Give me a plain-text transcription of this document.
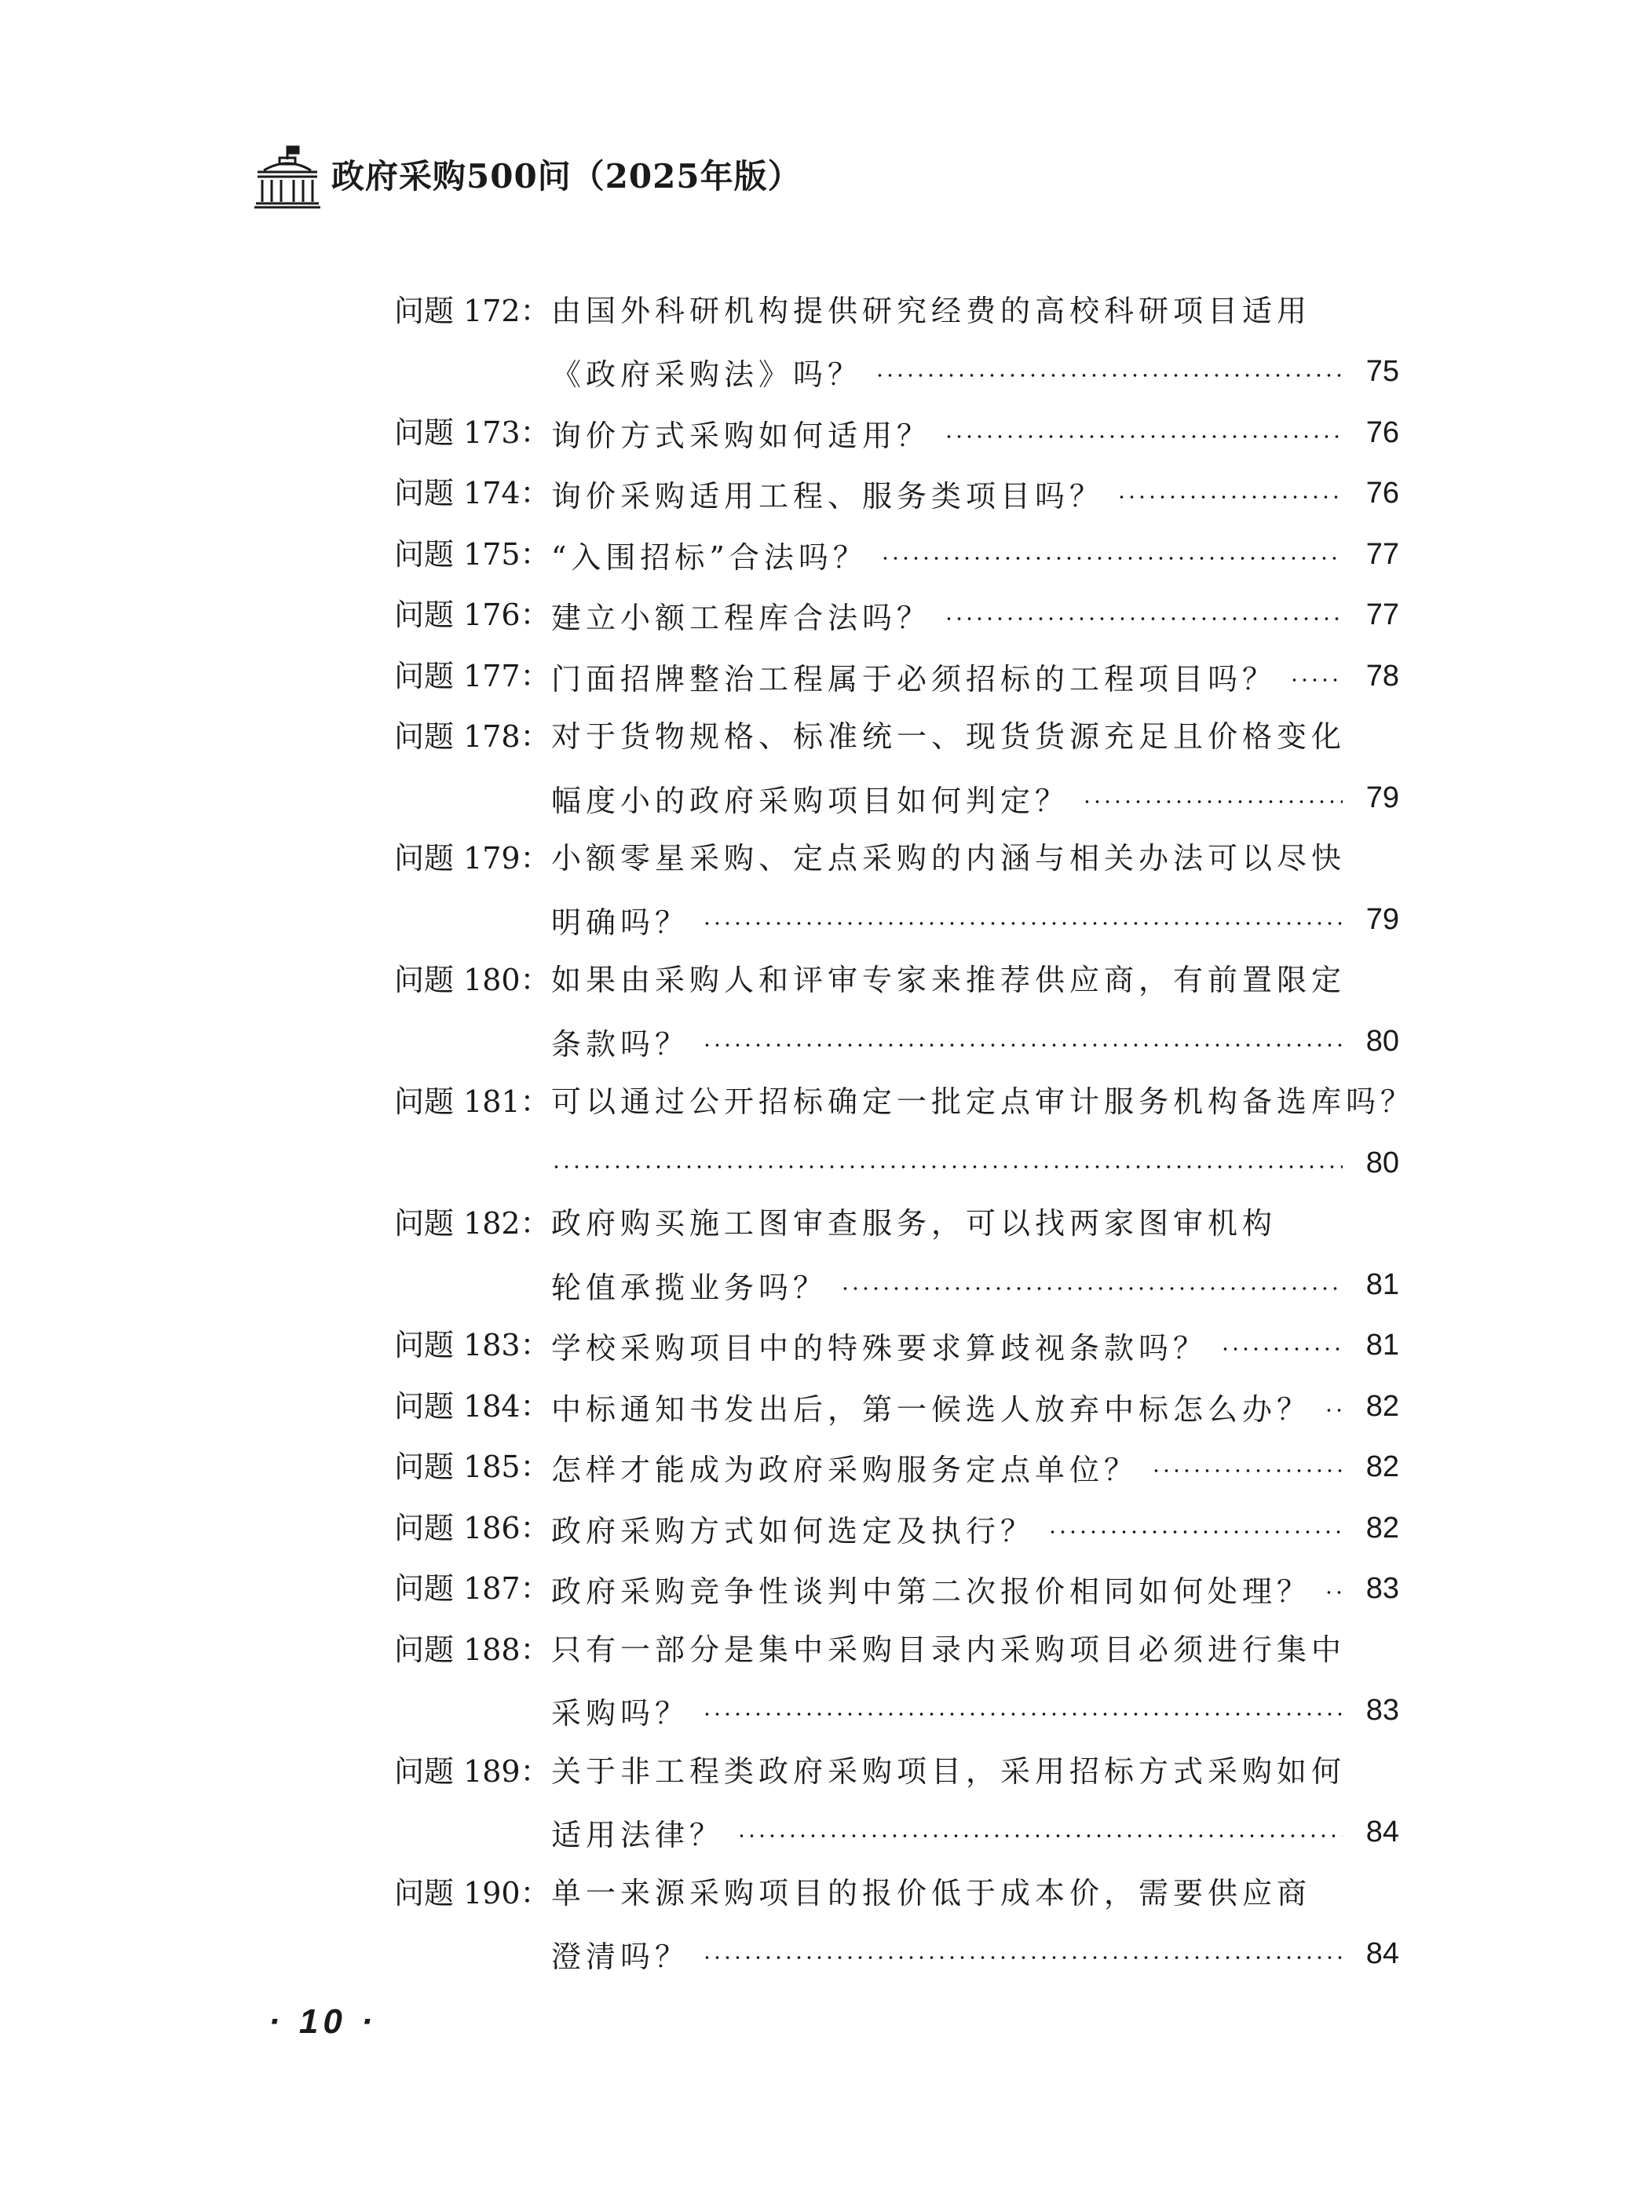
政府采购500问（2025年版）
问题 172： 由国外科研机构提供研究经费的高校科研项目适用
《政府采购法》吗？	75
问题 173： 询价方式采购如何适用？	76
问题 174： 询价采购适用工程、服务类项目吗？	76
问题 175： “入围招标”合法吗？	77
问题 176： 建立小额工程库合法吗？	77
问题 177： 门面招牌整治工程属于必须招标的工程项目吗？	78
问题 178： 对于货物规格、标准统一、现货货源充足且价格变化
幅度小的政府采购项目如何判定？	79
问题 179： 小额零星采购、定点采购的内涵与相关办法可以尽快
明确吗？	79
问题 180： 如果由采购人和评审专家来推荐供应商，有前置限定
条款吗？	80
问题 181： 可以通过公开招标确定一批定点审计服务机构备选库吗？
80
问题 182： 政府购买施工图审查服务，可以找两家图审机构
轮值承揽业务吗？	81
问题 183： 学校采购项目中的特殊要求算歧视条款吗？	81
问题 184： 中标通知书发出后，第一候选人放弃中标怎么办？	82
问题 185： 怎样才能成为政府采购服务定点单位？	82
问题 186： 政府采购方式如何选定及执行？	82
问题 187： 政府采购竞争性谈判中第二次报价相同如何处理？	83
问题 188： 只有一部分是集中采购目录内采购项目必须进行集中
采购吗？	83
问题 189： 关于非工程类政府采购项目，采用招标方式采购如何
适用法律？	84
问题 190： 单一来源采购项目的报价低于成本价，需要供应商
澄清吗？	84
· 10 ·
